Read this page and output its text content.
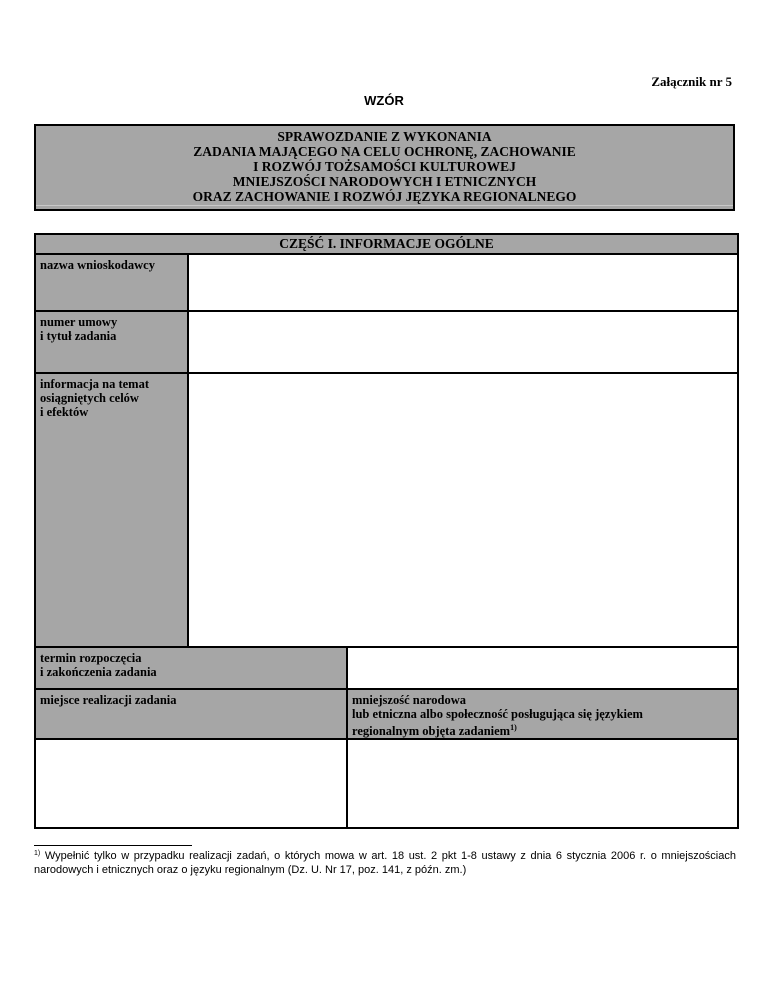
Załącznik nr 5
WZÓR
SPRAWOZDANIE Z WYKONANIA
ZADANIA MAJĄCEGO NA CELU OCHRONĘ, ZACHOWANIE
I ROZWÓJ TOŻSAMOŚCI KULTUROWEJ
MNIEJSZOŚCI NARODOWYCH I ETNICZNYCH
ORAZ ZACHOWANIE I ROZWÓJ JĘZYKA REGIONALNEGO
CZĘŚĆ I. INFORMACJE OGÓLNE
nazwa wnioskodawcy
numer umowy
i tytuł zadania
informacja na temat
osiągniętych celów
i efektów
termin rozpoczęcia
i zakończenia zadania
miejsce realizacji zadania	mniejszość narodowa
lub etniczna albo społeczność posługująca się językiem
regionalnym objęta zadaniem$^{1)}$
$^{1)}$ Wypełnić tylko w przypadku realizacji zadań, o których mowa w art. 18 ust. 2 pkt 1-8 ustawy z dnia 6 stycznia 2006 r. o mniejszościach narodowych i etnicznych oraz o języku regionalnym (Dz. U. Nr 17, poz. 141, z późn. zm.)
